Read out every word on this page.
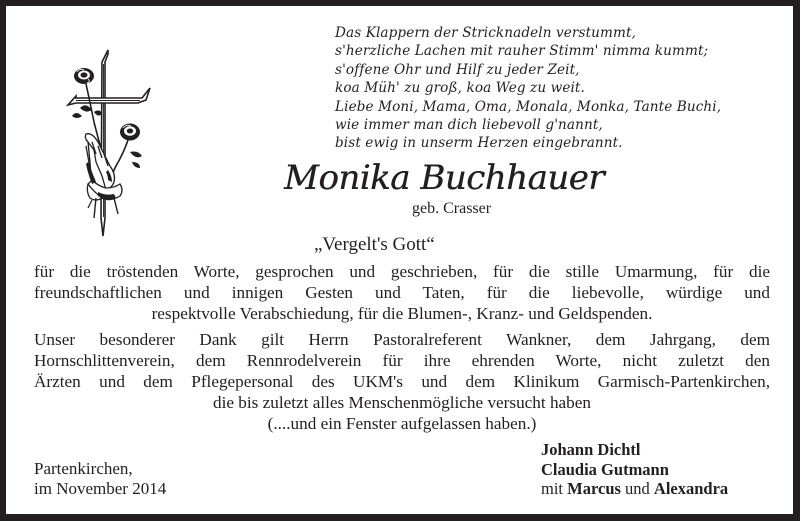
Das Klappern der Stricknadeln verstummt,
s'herzliche Lachen mit rauher Stimm' nimma kummt;
s'offene Ohr und Hilf zu jeder Zeit,
koa Müh' zu groß, koa Weg zu weit.
Liebe Moni, Mama, Oma, Monala, Monka, Tante Buchi,
wie immer man dich liebevoll g'nannt,
bist ewig in unserm Herzen eingebrannt.
Monika Buchhauer
geb. Crasser
„Vergelt's Gott“
für die tröstenden Worte, gesprochen und geschrieben, für die stille Umarmung, für die
freundschaftlichen und innigen Gesten und Taten, für die liebevolle, würdige und
respektvolle Verabschiedung, für die Blumen-, Kranz- und Geldspenden.
Unser besonderer Dank gilt Herrn Pastoralreferent Wankner, dem Jahrgang, dem
Hornschlittenverein, dem Rennrodelverein für ihre ehrenden Worte, nicht zuletzt den
Ärzten und dem Pflegepersonal des UKM's und dem Klinikum Garmisch-Partenkirchen,
die bis zuletzt alles Menschenmögliche versucht haben
(....und ein Fenster aufgelassen haben.)
Partenkirchen,
im November 2014
Johann Dichtl
Claudia Gutmann
mit Marcus und Alexandra
